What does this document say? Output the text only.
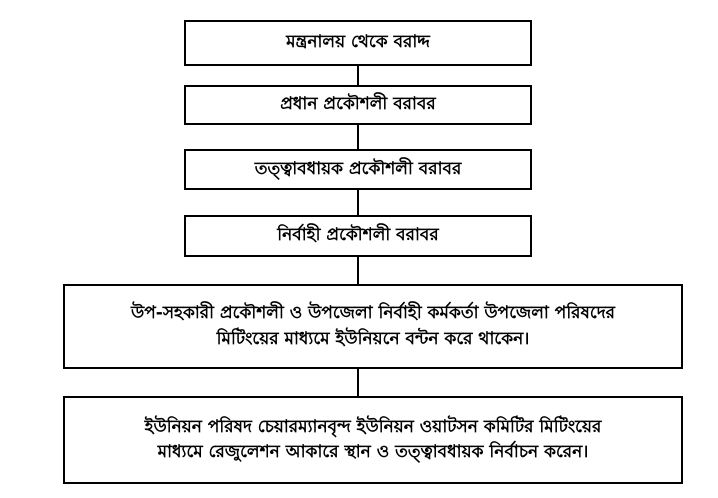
মন্ত্রনালয় থেকে বরাদ্দ
প্রধান প্রকৌশলী বরাবর
তত্ত্বাবধায়ক প্রকৌশলী বরাবর
নির্বাহী প্রকৌশলী বরাবর
উপ-সহকারী প্রকৌশলী ও উপজেলা নির্বাহী কর্মকর্তা উপজেলা পরিষদের
মিটিংয়ের মাধ্যমে ইউনিয়নে বন্টন করে থাকেন।
ইউনিয়ন পরিষদ চেয়ারম্যানবৃন্দ ইউনিয়ন ওয়াটসন কমিটির মিটিংয়ের
মাধ্যমে রেজুলেশন আকারে স্থান ও তত্ত্বাবধায়ক নির্বাচন করেন।
